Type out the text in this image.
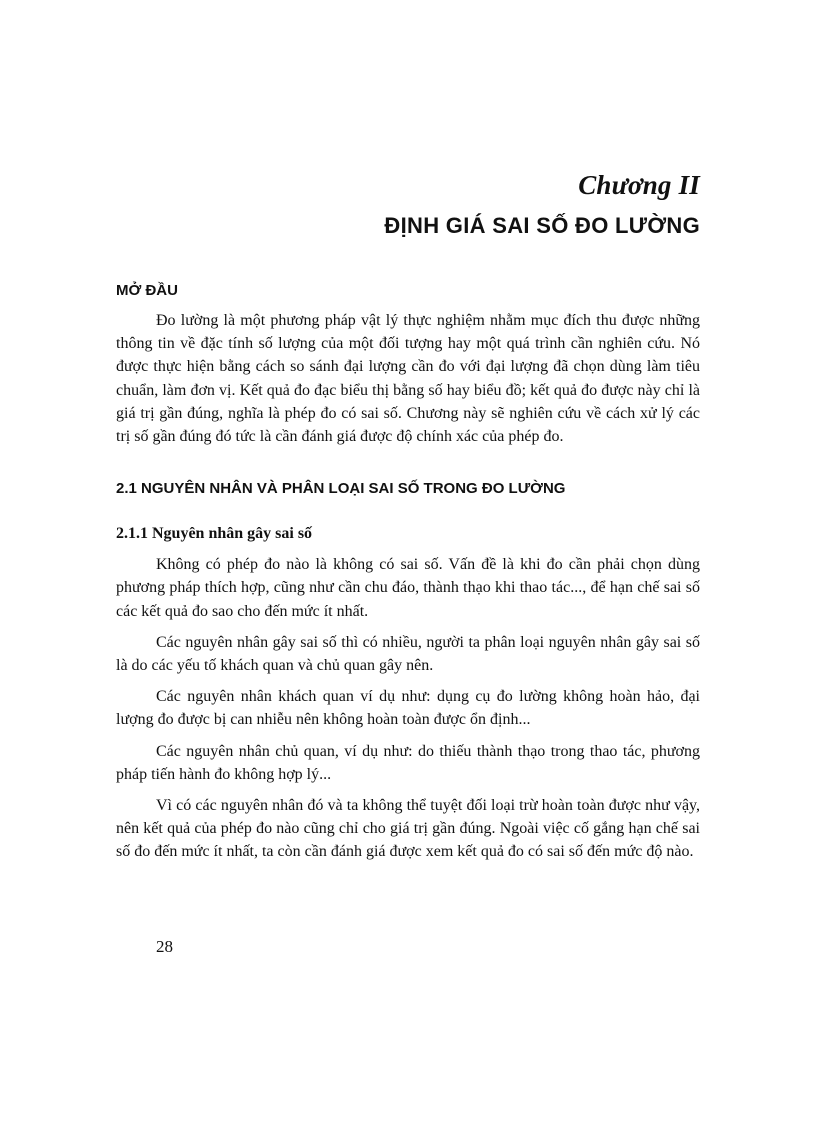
Chương II
ĐỊNH GIÁ SAI SỐ ĐO LƯỜNG
MỞ ĐẦU

Đo lường là một phương pháp vật lý thực nghiệm nhằm mục đích thu được những thông tin về đặc tính số lượng của một đối tượng hay một quá trình cần nghiên cứu. Nó được thực hiện bằng cách so sánh đại lượng cần đo với đại lượng đã chọn dùng làm tiêu chuẩn, làm đơn vị. Kết quả đo đạc biểu thị bằng số hay biểu đồ; kết quả đo được này chỉ là giá trị gần đúng, nghĩa là phép đo có sai số. Chương này sẽ nghiên cứu về cách xử lý các trị số gần đúng đó tức là cần đánh giá được độ chính xác của phép đo.

2.1 NGUYÊN NHÂN VÀ PHÂN LOẠI SAI SỐ TRONG ĐO LƯỜNG
2.1.1 Nguyên nhân gây sai số

Không có phép đo nào là không có sai số. Vấn đề là khi đo cần phải chọn dùng phương pháp thích hợp, cũng như cần chu đáo, thành thạo khi thao tác..., để hạn chế sai số các kết quả đo sao cho đến mức ít nhất.

Các nguyên nhân gây sai số thì có nhiều, người ta phân loại nguyên nhân gây sai số là do các yếu tố khách quan và chủ quan gây nên.

Các nguyên nhân khách quan ví dụ như: dụng cụ đo lường không hoàn hảo, đại lượng đo được bị can nhiễu nên không hoàn toàn được ổn định...

Các nguyên nhân chủ quan, ví dụ như: do thiếu thành thạo trong thao tác, phương pháp tiến hành đo không hợp lý...

Vì có các nguyên nhân đó và ta không thể tuyệt đối loại trừ hoàn toàn được như vậy, nên kết quả của phép đo nào cũng chỉ cho giá trị gần đúng. Ngoài việc cố gắng hạn chế sai số đo đến mức ít nhất, ta còn cần đánh giá được xem kết quả đo có sai số đến mức độ nào.

28
